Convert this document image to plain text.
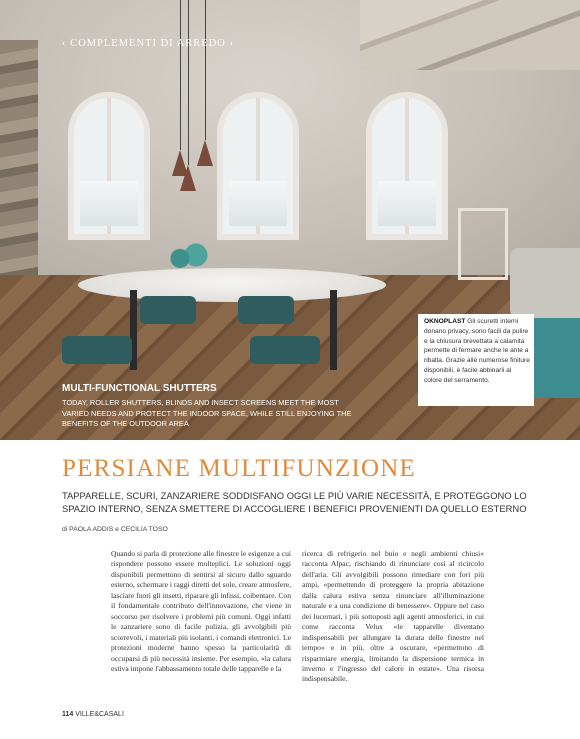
‹ COMPLEMENTI DI ARREDO ›
MULTI-FUNCTIONAL SHUTTERS
TODAY, ROLLER SHUTTERS, BLINDS AND INSECT SCREENS MEET THE MOST VARIED NEEDS AND PROTECT THE INDOOR SPACE, WHILE STILL ENJOYING THE BENEFITS OF THE OUTDOOR AREA
OKNOPLAST Gli scuretti interni donano privacy, sono facili da pulire e la chiusura brevettata a calamita permette di fermare anche le ante a ribalta. Grazie alle numerose finiture disponibili, è facile abbinarli al colore del serramento.
PERSIANE MULTIFUNZIONE
TAPPARELLE, SCURI, ZANZARIERE SODDISFANO OGGI LE PIÙ VARIE NECESSITÀ, E PROTEGGONO LO SPAZIO INTERNO, SENZA SMETTERE DI ACCOGLIERE I BENEFICI PROVENIENTI DA QUELLO ESTERNO
di PAOLA ADDIS e CECILIA TOSO

Quando si parla di protezione alle finestre le esigenze a cui rispondere possono essere molteplici. Le soluzioni oggi disponibili permettono di sentirsi al sicuro dallo sguardo esterno, schermare i raggi diretti del sole, creare atmosfere, lasciare fuori gli insetti, riparare gli infissi, coibentare. Con il fondamentale contributo dell'innovazione, che viene in soccorso per risolvere i problemi più comuni. Oggi infatti le zanzariere sono di facile pulizia, gli avvolgibili più scorrevoli, i materiali più isolanti, i comandi elettronici. Le protezioni moderne hanno spesso la particolarità di occuparsi di più necessità insieme. Per esempio, «la calura estiva impone l'abbassamento totale delle tapparelle e la

ricerca di refrigerio nel buio e negli ambienti chiusi» racconta Alpac, rischiando di rinunciare così al ricircolo dell'aria. Gli avvolgibili possono rimediare con fori più ampi, «permettendo di proteggere la propria abitazione dalla calura estiva senza rinunciare all'illuminazione naturale e a una condizione di benessere». Oppure nel caso dei lucernari, i più sottoposti agli agenti atmosferici, in cui come racconta Velux «le tapparelle diventano indispensabili per allungare la durata delle finestre nel tempo» e in più, oltre a oscurare, «permettono di risparmiare energia, limitando la dispersione termica in inverno e l'ingresso del calore in estate». Una risorsa indispensabile.

114 VILLE&CASALI
